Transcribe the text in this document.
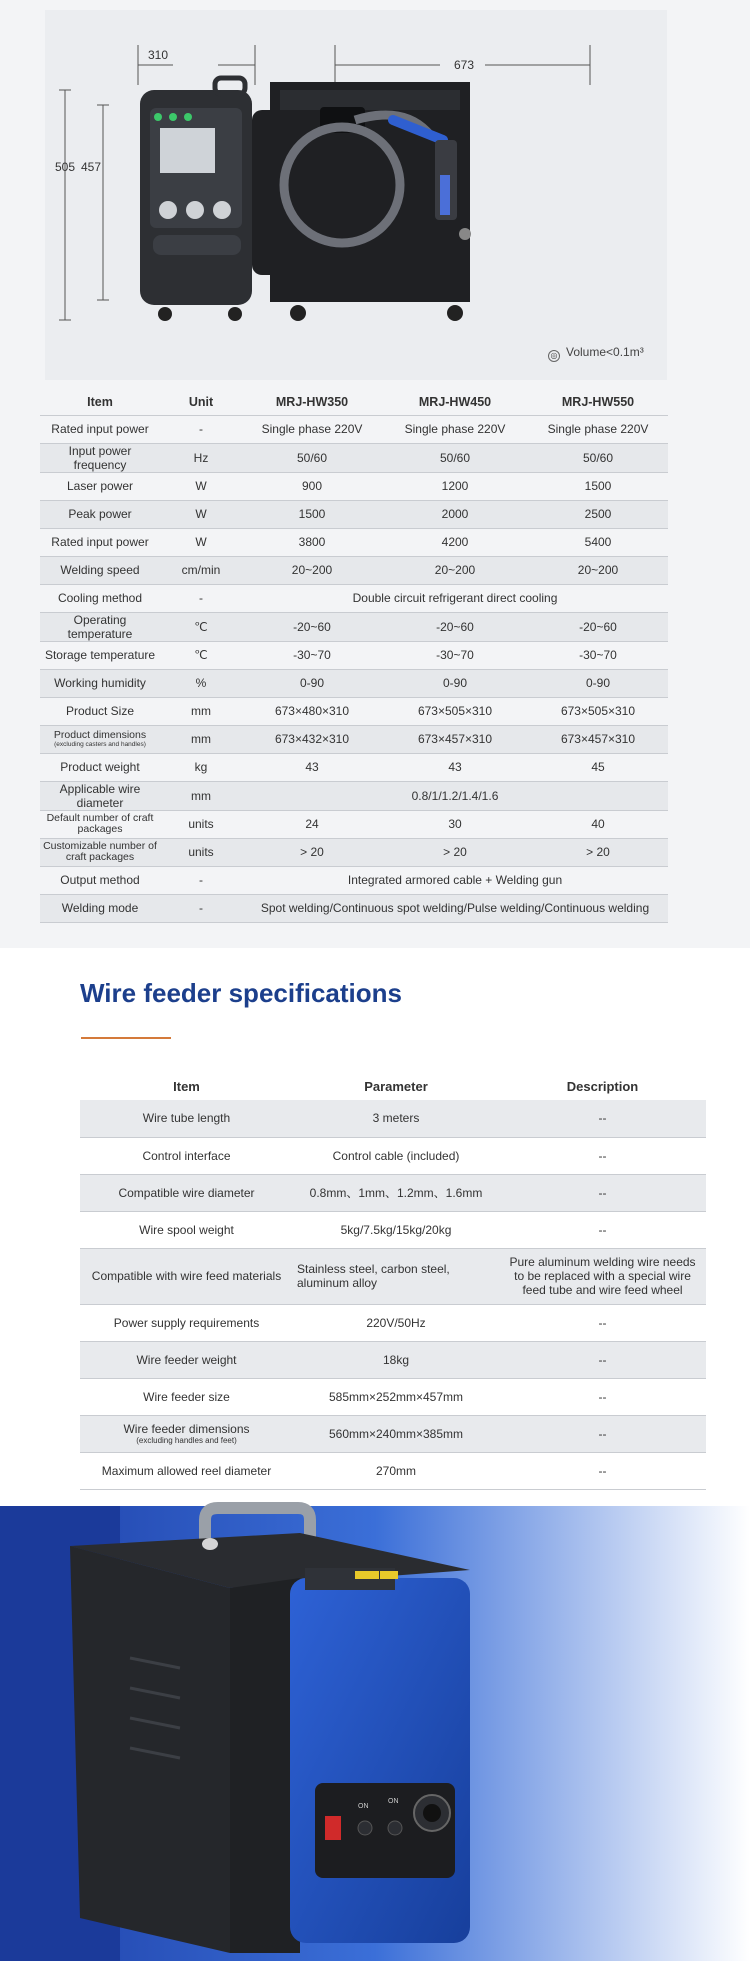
310
505 457
673
◎ Volume<0.1m³
Item	Unit	MRJ-HW350	MRJ-HW450	MRJ-HW550
Rated input power	-	Single phase 220V	Single phase 220V	Single phase 220V
Input power frequency	Hz	50/60	50/60	50/60
Laser power	W	900	1200	1500
Peak power	W	1500	2000	2500
Rated input power	W	3800	4200	5400
Welding speed	cm/min	20~200	20~200	20~200
Cooling method	-	Double circuit refrigerant direct cooling		
Operating temperature	℃	-20~60	-20~60	-20~60
Storage temperature	℃	-30~70	-30~70	-30~70
Working humidity	%	0-90	0-90	0-90
Product Size	mm	673×480×310	673×505×310	673×505×310
Product dimensions
(excluding casters and handles)	mm	673×432×310	673×457×310	673×457×310
Product weight	kg	43	43	45
Applicable wire diameter	mm	0.8/1/1.2/1.4/1.6		
Default number of craft packages	units	24	30	40
Customizable number of craft packages	units	> 20	> 20	> 20
Output method	-	Integrated armored cable + Welding gun		
Welding mode	-	Spot welding/Continuous spot welding/Pulse welding/Continuous welding		
Wire feeder specifications
Item	Parameter	Description
Wire tube length	3 meters	--
Control interface	Control cable (included)	--
Compatible wire diameter	0.8mm、1mm、1.2mm、1.6mm	--
Wire spool weight	5kg/7.5kg/15kg/20kg	--
Compatible with wire feed materials	Stainless steel, carbon steel, aluminum alloy	Pure aluminum welding wire needs to be replaced with a special wire feed tube and wire feed wheel
Power supply requirements	220V/50Hz	--
Wire feeder weight	18kg	--
Wire feeder size	585mm×252mm×457mm	--
Wire feeder dimensions
(excluding handles and feet)	560mm×240mm×385mm	--
Maximum allowed reel diameter	270mm	--
ON
ON
